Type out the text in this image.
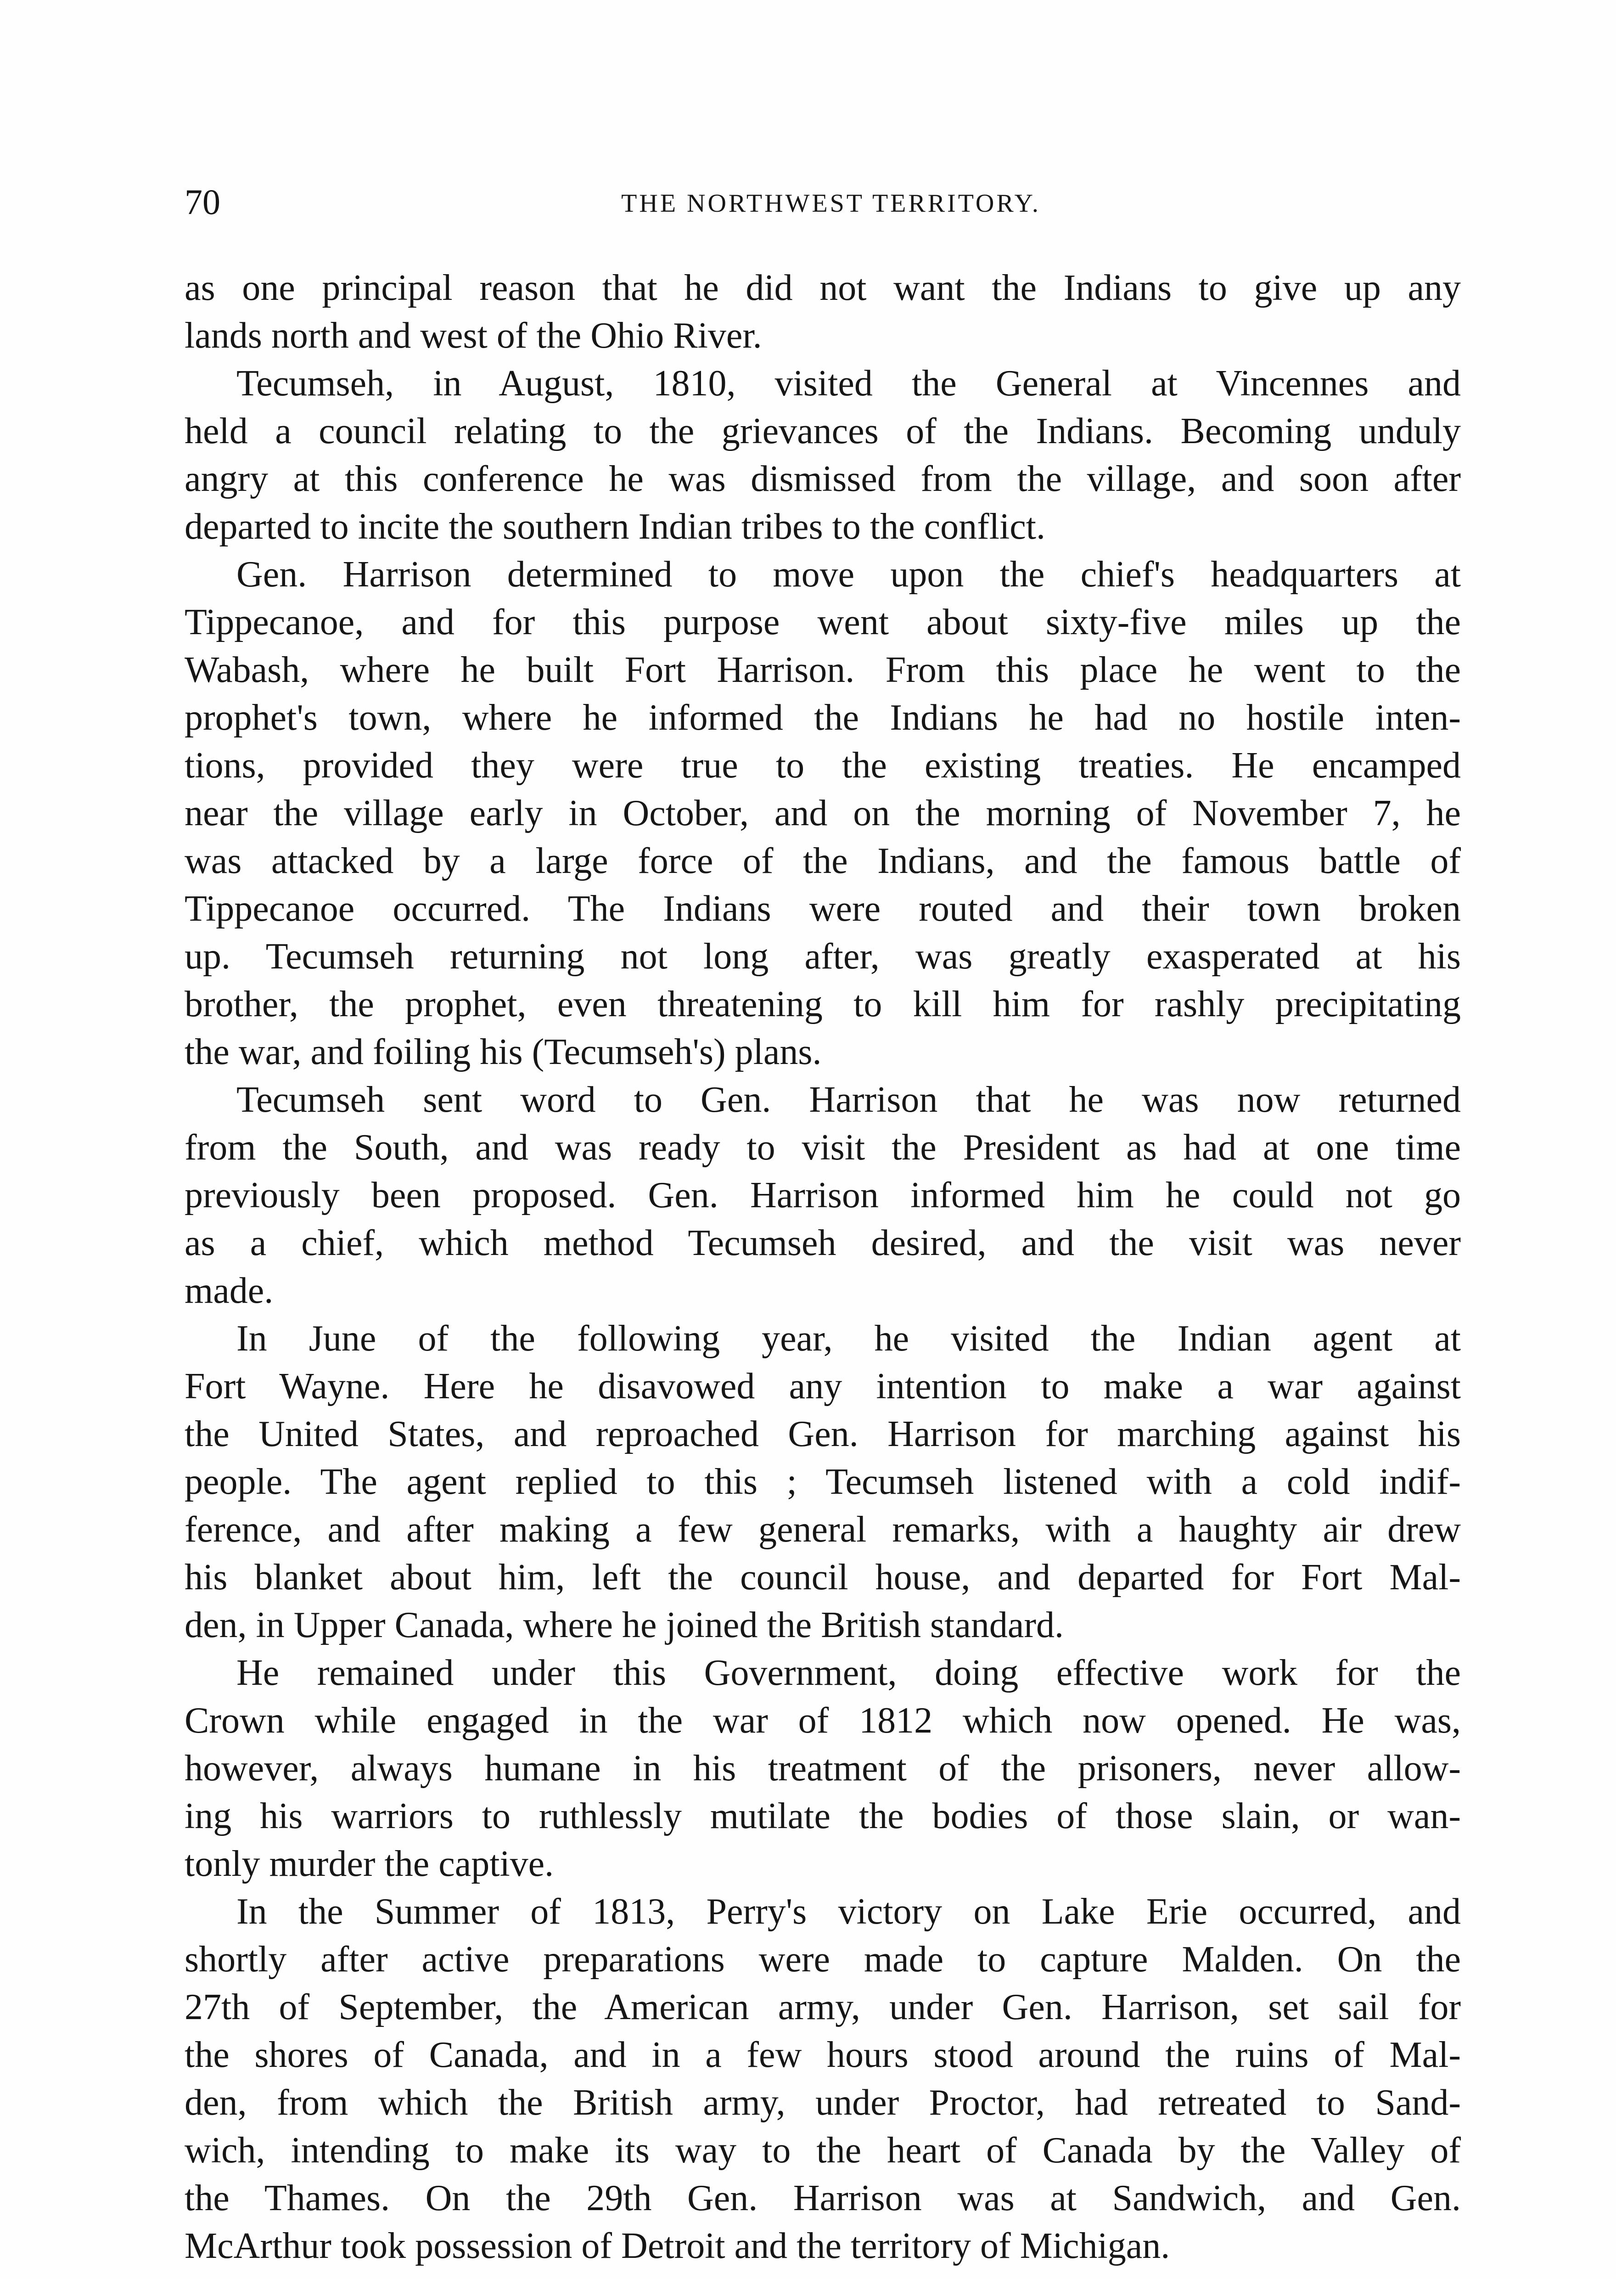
70	THE NORTHWEST TERRITORY.
as one principal reason that he did not want the Indians to give up any
lands north and west of the Ohio River.
Tecumseh, in August, 1810, visited the General at Vincennes and
held a council relating to the grievances of the Indians. Becoming unduly
angry at this conference he was dismissed from the village, and soon after
departed to incite the southern Indian tribes to the conflict.
Gen. Harrison determined to move upon the chief's headquarters at
Tippecanoe, and for this purpose went about sixty-five miles up the
Wabash, where he built Fort Harrison. From this place he went to the
prophet's town, where he informed the Indians he had no hostile inten-
tions, provided they were true to the existing treaties. He encamped
near the village early in October, and on the morning of November 7, he
was attacked by a large force of the Indians, and the famous battle of
Tippecanoe occurred. The Indians were routed and their town broken
up. Tecumseh returning not long after, was greatly exasperated at his
brother, the prophet, even threatening to kill him for rashly precipitating
the war, and foiling his (Tecumseh's) plans.
Tecumseh sent word to Gen. Harrison that he was now returned
from the South, and was ready to visit the President as had at one time
previously been proposed. Gen. Harrison informed him he could not go
as a chief, which method Tecumseh desired, and the visit was never
made.
In June of the following year, he visited the Indian agent at
Fort Wayne. Here he disavowed any intention to make a war against
the United States, and reproached Gen. Harrison for marching against his
people. The agent replied to this ; Tecumseh listened with a cold indif-
ference, and after making a few general remarks, with a haughty air drew
his blanket about him, left the council house, and departed for Fort Mal-
den, in Upper Canada, where he joined the British standard.
He remained under this Government, doing effective work for the
Crown while engaged in the war of 1812 which now opened. He was,
however, always humane in his treatment of the prisoners, never allow-
ing his warriors to ruthlessly mutilate the bodies of those slain, or wan-
tonly murder the captive.
In the Summer of 1813, Perry's victory on Lake Erie occurred, and
shortly after active preparations were made to capture Malden. On the
27th of September, the American army, under Gen. Harrison, set sail for
the shores of Canada, and in a few hours stood around the ruins of Mal-
den, from which the British army, under Proctor, had retreated to Sand-
wich, intending to make its way to the heart of Canada by the Valley of
the Thames. On the 29th Gen. Harrison was at Sandwich, and Gen.
McArthur took possession of Detroit and the territory of Michigan.
